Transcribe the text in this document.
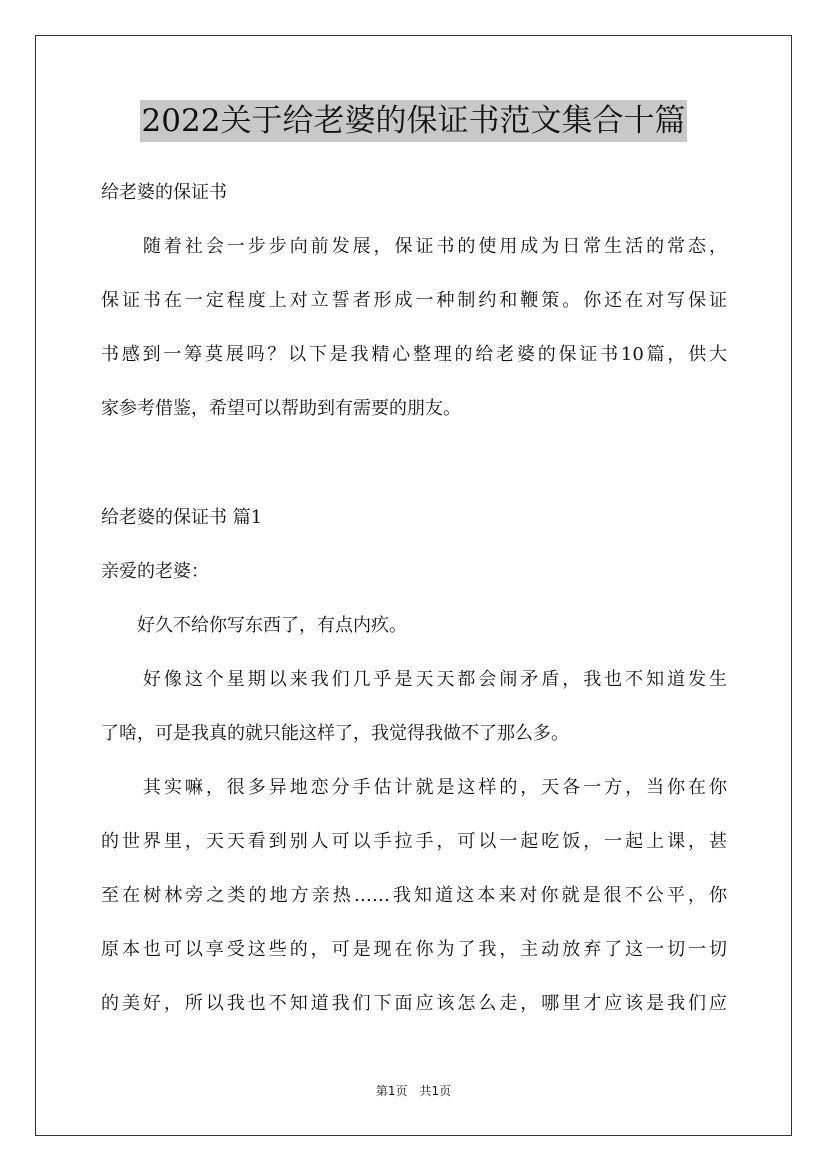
2022关于给老婆的保证书范文集合十篇
给老婆的保证书
　　随着社会一步步向前发展，保证书的使用成为日常生活的常态，
保证书在一定程度上对立誓者形成一种制约和鞭策。你还在对写保证
书感到一筹莫展吗？以下是我精心整理的给老婆的保证书10篇，供大
家参考借鉴，希望可以帮助到有需要的朋友。
给老婆的保证书 篇1
亲爱的老婆：
　　好久不给你写东西了，有点内疚。
　　好像这个星期以来我们几乎是天天都会闹矛盾，我也不知道发生
了啥，可是我真的就只能这样了，我觉得我做不了那么多。
　　其实嘛，很多异地恋分手估计就是这样的，天各一方，当你在你
的世界里，天天看到别人可以手拉手，可以一起吃饭，一起上课，甚
至在树林旁之类的地方亲热……我知道这本来对你就是很不公平，你
原本也可以享受这些的，可是现在你为了我，主动放弃了这一切一切
的美好，所以我也不知道我们下面应该怎么走，哪里才应该是我们应
第1页　共1页
